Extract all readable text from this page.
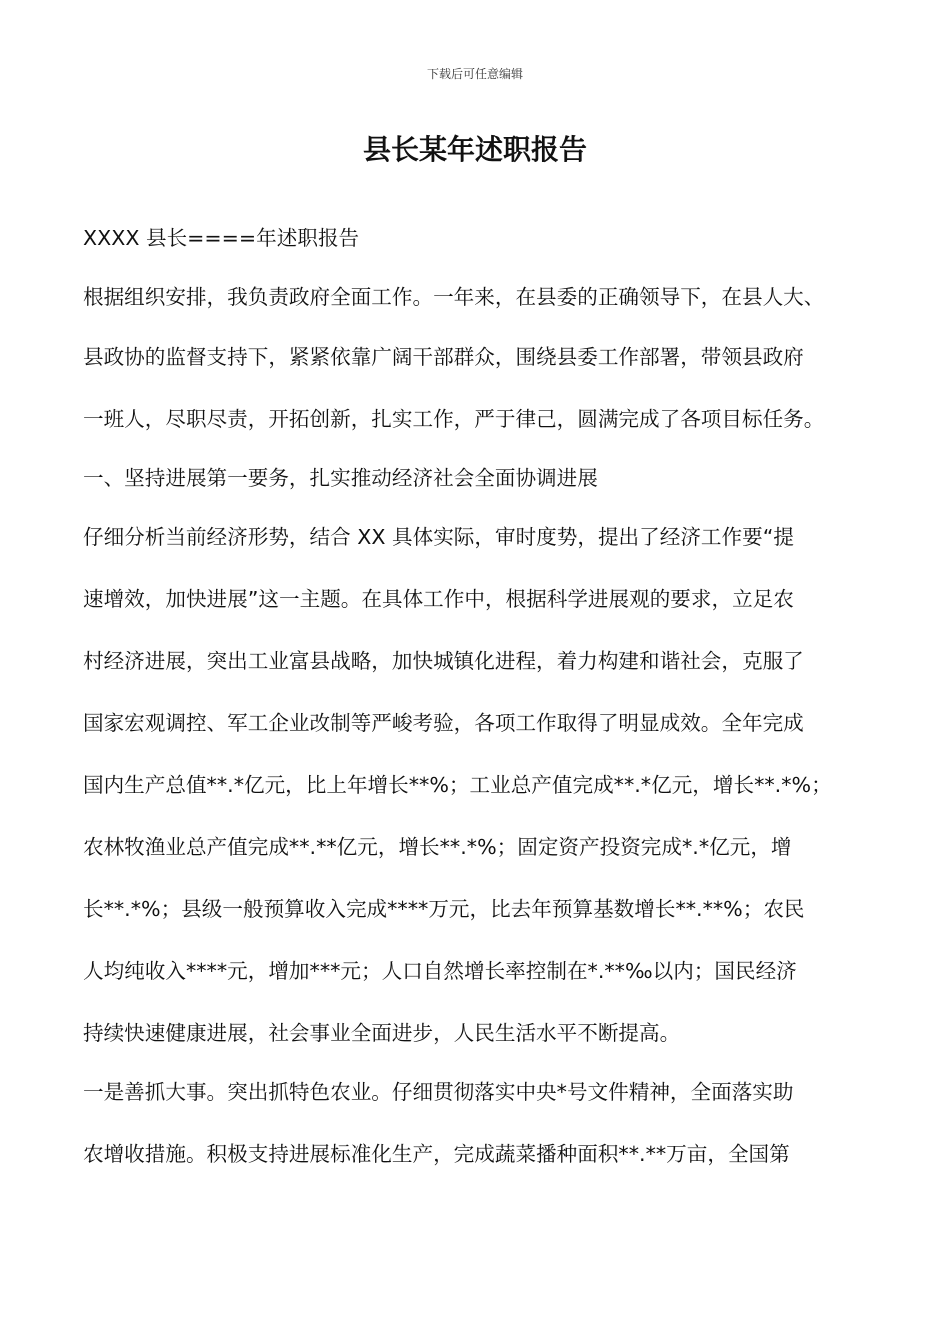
下载后可任意编辑
县长某年述职报告
XXXX 县长====年述职报告
根据组织安排，我负责政府全面工作。一年来，在县委的正确领导下，在县人大、
县政协的监督支持下，紧紧依靠广阔干部群众，围绕县委工作部署，带领县政府
一班人，尽职尽责，开拓创新，扎实工作，严于律己，圆满完成了各项目标任务。
一、坚持进展第一要务，扎实推动经济社会全面协调进展
仔细分析当前经济形势，结合 XX 具体实际，审时度势，提出了经济工作要“提
速增效，加快进展”这一主题。在具体工作中，根据科学进展观的要求，立足农
村经济进展，突出工业富县战略，加快城镇化进程，着力构建和谐社会，克服了
国家宏观调控、军工企业改制等严峻考验，各项工作取得了明显成效。全年完成
国内生产总值**.*亿元，比上年增长**%；工业总产值完成**.*亿元，增长**.*%；
农林牧渔业总产值完成**.**亿元，增长**.*%；固定资产投资完成*.*亿元，增
长**.*%；县级一般预算收入完成****万元，比去年预算基数增长**.**%；农民
人均纯收入****元，增加***元；人口自然增长率控制在*.**‰以内；国民经济
持续快速健康进展，社会事业全面进步，人民生活水平不断提高。
一是善抓大事。突出抓特色农业。仔细贯彻落实中央*号文件精神，全面落实助
农增收措施。积极支持进展标准化生产，完成蔬菜播种面积**.**万亩，全国第
